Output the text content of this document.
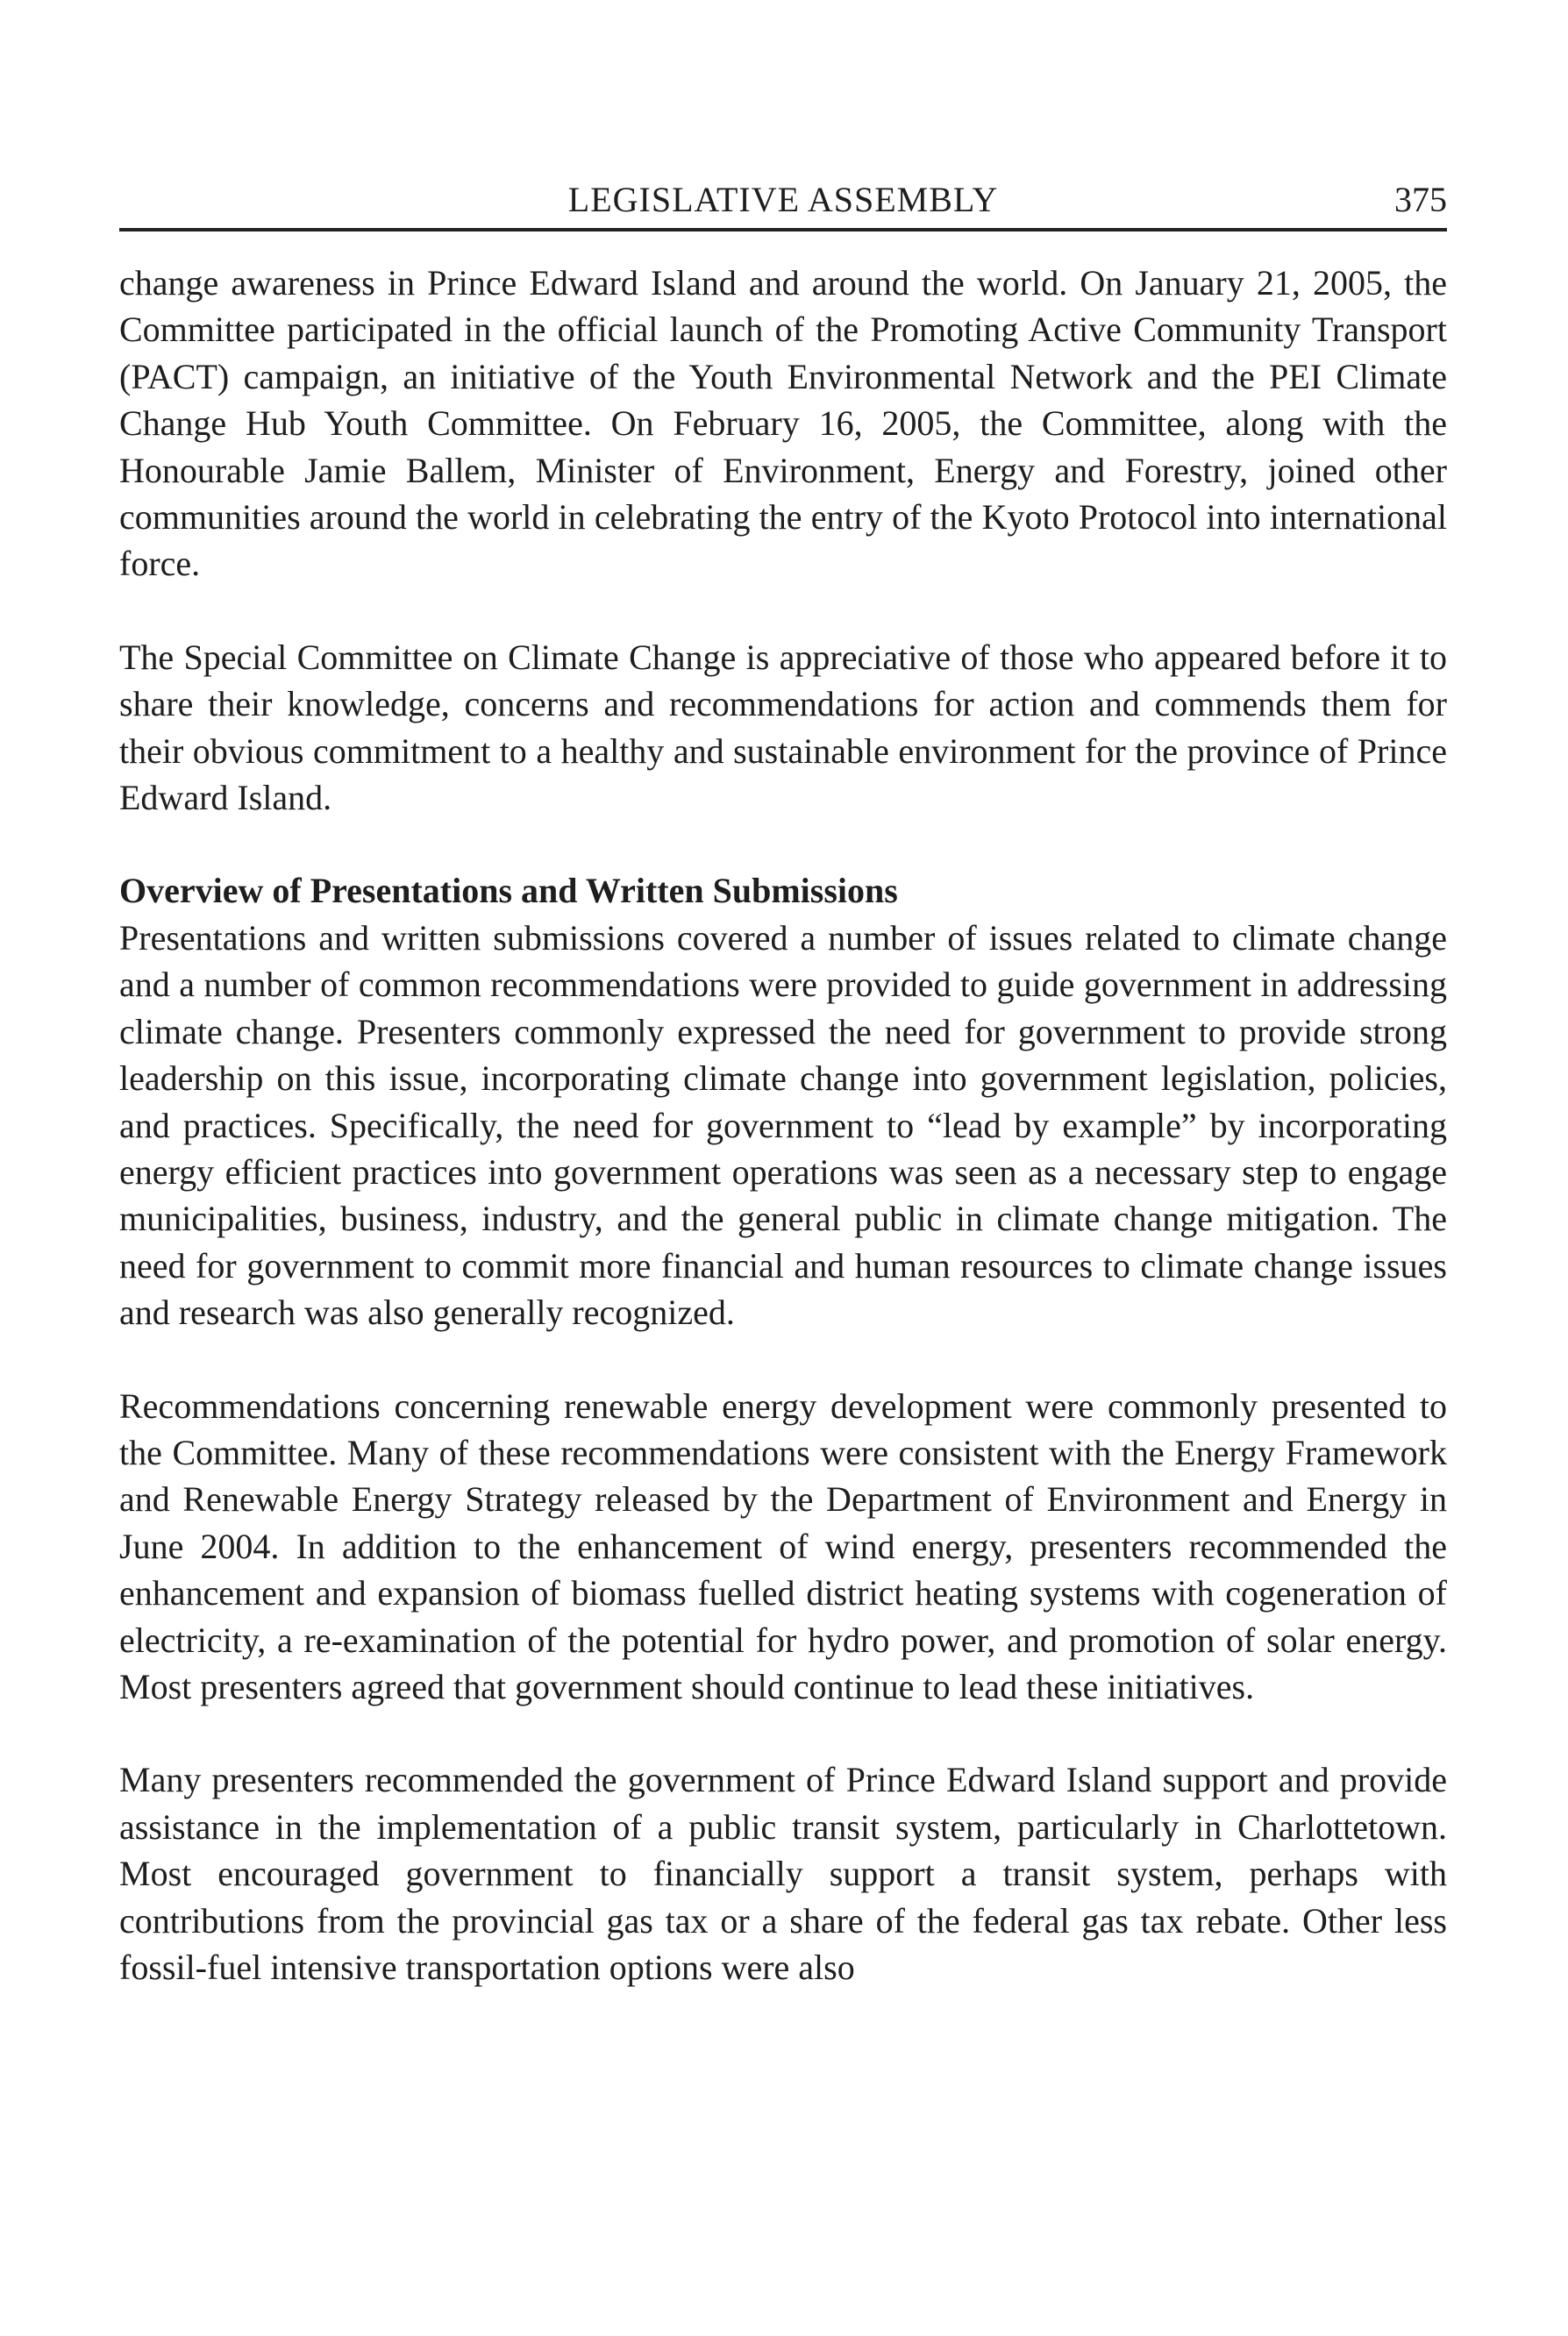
LEGISLATIVE ASSEMBLY	375

change awareness in Prince Edward Island and around the world. On January 21, 2005, the Committee participated in the official launch of the Promoting Active Community Transport (PACT) campaign, an initiative of the Youth Environmental Network and the PEI Climate Change Hub Youth Committee. On February 16, 2005, the Committee, along with the Honourable Jamie Ballem, Minister of Environment, Energy and Forestry, joined other communities around the world in celebrating the entry of the Kyoto Protocol into international force.

The Special Committee on Climate Change is appreciative of those who appeared before it to share their knowledge, concerns and recommendations for action and commends them for their obvious commitment to a healthy and sustainable environment for the province of Prince Edward Island.

Overview of Presentations and Written Submissions

Presentations and written submissions covered a number of issues related to climate change and a number of common recommendations were provided to guide government in addressing climate change. Presenters commonly expressed the need for government to provide strong leadership on this issue, incorporating climate change into government legislation, policies, and practices. Specifically, the need for government to “lead by example” by incorporating energy efficient practices into government operations was seen as a necessary step to engage municipalities, business, industry, and the general public in climate change mitigation. The need for government to commit more financial and human resources to climate change issues and research was also generally recognized.

Recommendations concerning renewable energy development were commonly presented to the Committee. Many of these recommendations were consistent with the Energy Framework and Renewable Energy Strategy released by the Department of Environment and Energy in June 2004. In addition to the enhancement of wind energy, presenters recommended the enhancement and expansion of biomass fuelled district heating systems with cogeneration of electricity, a re-examination of the potential for hydro power, and promotion of solar energy. Most presenters agreed that government should continue to lead these initiatives.

Many presenters recommended the government of Prince Edward Island support and provide assistance in the implementation of a public transit system, particularly in Charlottetown. Most encouraged government to financially support a transit system, perhaps with contributions from the provincial gas tax or a share of the federal gas tax rebate. Other less fossil-fuel intensive transportation options were also
